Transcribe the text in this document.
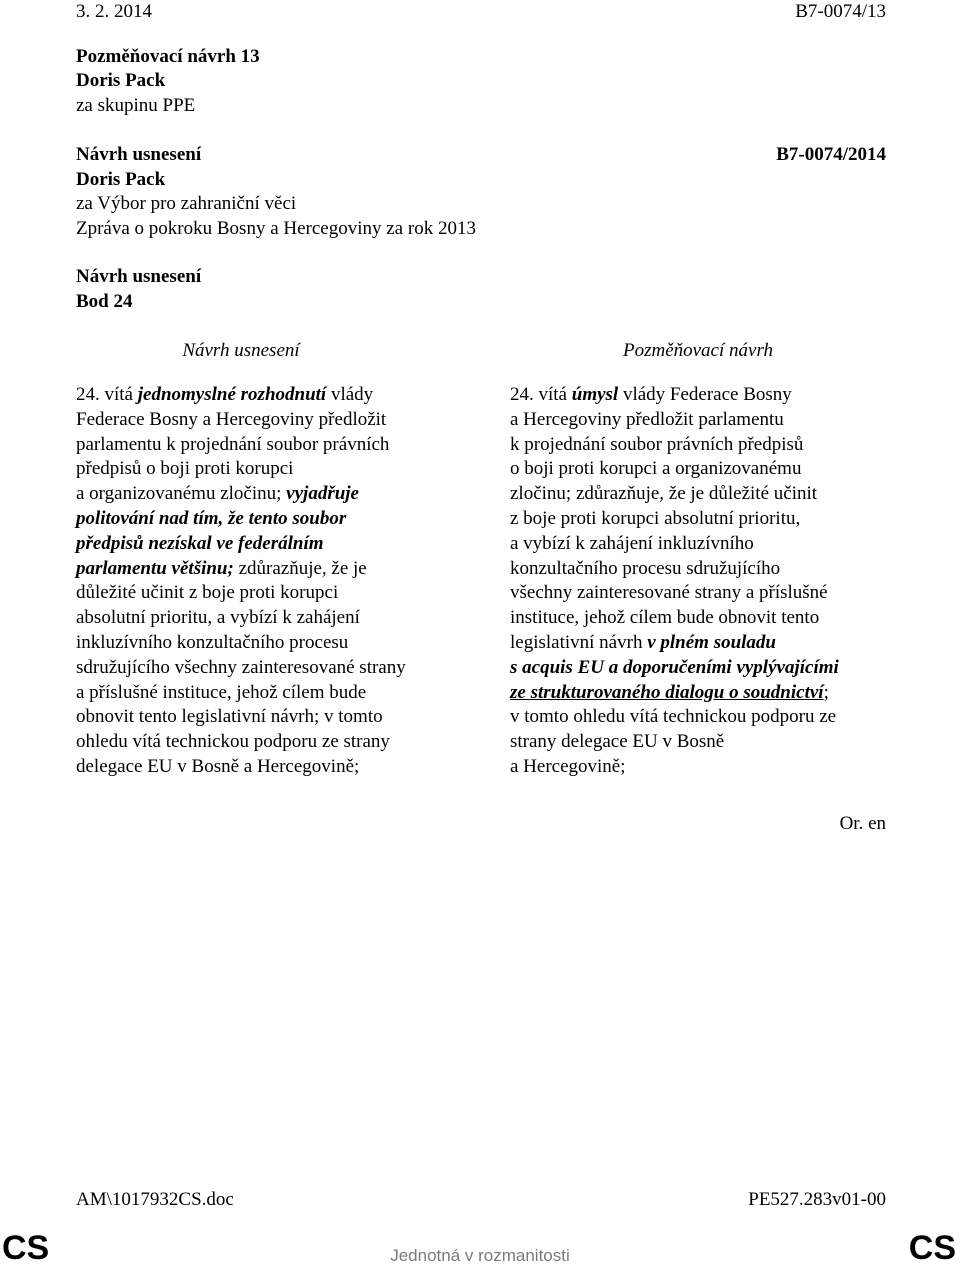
3. 2. 2014	B7-0074/13
Pozměňovací návrh 13
Doris Pack
za skupinu PPE
Návrh usnesení	B7-0074/2014
Doris Pack
za Výbor pro zahraniční věci
Zpráva o pokroku Bosny a Hercegoviny za rok 2013
Návrh usnesení
Bod 24
Návrh usnesení	Pozměňovací návrh

24. vítá jednomyslné rozhodnutí vlády

Federace Bosny a Hercegoviny předložit

parlamentu k projednání soubor právních

předpisů o boji proti korupci

a organizovanému zločinu; vyjadřuje

politování nad tím, že tento soubor

předpisů nezískal ve federálním

parlamentu většinu; zdůrazňuje, že je

důležité učinit z boje proti korupci

absolutní prioritu, a vybízí k zahájení

inkluzívního konzultačního procesu

sdružujícího všechny zainteresované strany

a příslušné instituce, jehož cílem bude

obnovit tento legislativní návrh; v tomto

ohledu vítá technickou podporu ze strany

delegace EU v Bosně a Hercegovině;

24. vítá úmysl vlády Federace Bosny

a Hercegoviny předložit parlamentu

k projednání soubor právních předpisů

o boji proti korupci a organizovanému

zločinu; zdůrazňuje, že je důležité učinit

z boje proti korupci absolutní prioritu,

a vybízí k zahájení inkluzívního

konzultačního procesu sdružujícího

všechny zainteresované strany a příslušné

instituce, jehož cílem bude obnovit tento

legislativní návrh v plném souladu

s acquis EU a doporučeními vyplývajícími

ze strukturovaného dialogu o soudnictví;

v tomto ohledu vítá technickou podporu ze

strany delegace EU v Bosně

a Hercegovině;

Or. en
AM\1017932CS.doc	PE527.283v01-00
CS	Jednotná v rozmanitosti	CS
